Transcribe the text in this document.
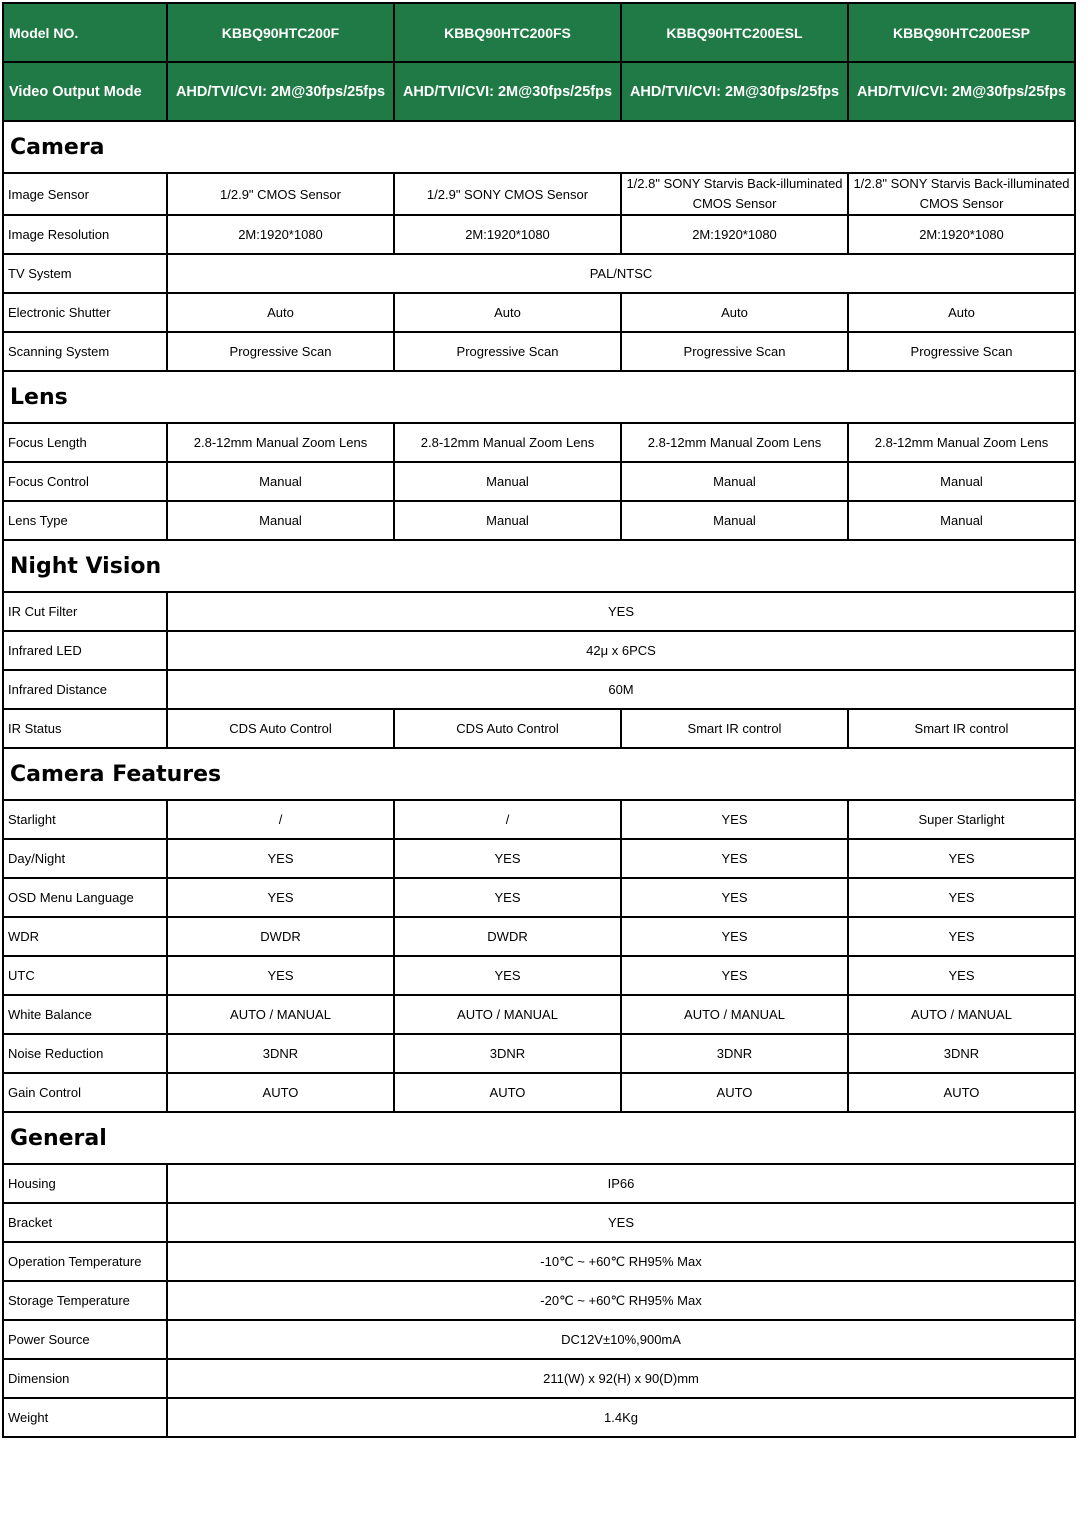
Model NO.	KBBQ90HTC200F	KBBQ90HTC200FS	KBBQ90HTC200ESL	KBBQ90HTC200ESP
Video Output Mode	AHD/TVI/CVI: 2M@30fps/25fps	AHD/TVI/CVI: 2M@30fps/25fps	AHD/TVI/CVI: 2M@30fps/25fps	AHD/TVI/CVI: 2M@30fps/25fps
Camera				
Image Sensor	1/2.9" CMOS Sensor	1/2.9" SONY CMOS Sensor	1/2.8" SONY Starvis Back-illuminated CMOS Sensor	1/2.8" SONY Starvis Back-illuminated CMOS Sensor
Image Resolution	2M:1920*1080	2M:1920*1080	2M:1920*1080	2M:1920*1080
TV System	PAL/NTSC			
Electronic Shutter	Auto	Auto	Auto	Auto
Scanning System	Progressive Scan	Progressive Scan	Progressive Scan	Progressive Scan
Lens				
Focus Length	2.8-12mm Manual Zoom Lens	2.8-12mm Manual Zoom Lens	2.8-12mm Manual Zoom Lens	2.8-12mm Manual Zoom Lens
Focus Control	Manual	Manual	Manual	Manual
Lens Type	Manual	Manual	Manual	Manual
Night Vision				
IR Cut Filter	YES			
Infrared LED	42μ x 6PCS			
Infrared Distance	60M			
IR Status	CDS Auto Control	CDS Auto Control	Smart IR control	Smart IR control
Camera Features				
Starlight	/	/	YES	Super Starlight
Day/Night	YES	YES	YES	YES
OSD Menu Language	YES	YES	YES	YES
WDR	DWDR	DWDR	YES	YES
UTC	YES	YES	YES	YES
White Balance	AUTO / MANUAL	AUTO / MANUAL	AUTO / MANUAL	AUTO / MANUAL
Noise Reduction	3DNR	3DNR	3DNR	3DNR
Gain Control	AUTO	AUTO	AUTO	AUTO
General				
Housing	IP66			
Bracket	YES			
Operation Temperature	-10℃ ~ +60℃ RH95% Max			
Storage Temperature	-20℃ ~ +60℃ RH95% Max			
Power Source	DC12V±10%,900mA			
Dimension	211(W) x 92(H) x 90(D)mm			
Weight	1.4Kg			
